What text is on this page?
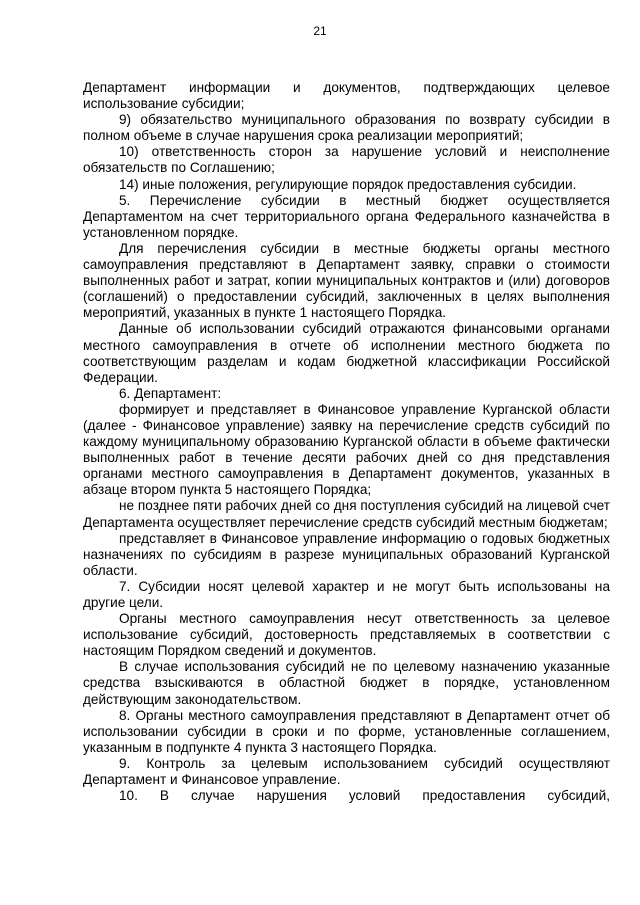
21

Департамент информации и документов, подтверждающих целевое использование субсидии;

9) обязательство муниципального образования по возврату субсидии в полном объеме в случае нарушения срока реализации мероприятий;

10) ответственность сторон за нарушение условий и неисполнение обязательств по Соглашению;

14) иные положения, регулирующие порядок предоставления субсидии.

5. Перечисление субсидии в местный бюджет осуществляется Департаментом на счет территориального органа Федерального казначейства в установленном порядке.

Для перечисления субсидии в местные бюджеты органы местного самоуправления представляют в Департамент заявку, справки о стоимости выполненных работ и затрат, копии муниципальных контрактов и (или) договоров (соглашений) о предоставлении субсидий, заключенных в целях выполнения мероприятий, указанных в пункте 1 настоящего Порядка.

Данные об использовании субсидий отражаются финансовыми органами местного самоуправления в отчете об исполнении местного бюджета по соответствующим разделам и кодам бюджетной классификации Российской Федерации.

6. Департамент:

формирует и представляет в Финансовое управление Курганской области (далее - Финансовое управление) заявку на перечисление средств субсидий по каждому муниципальному образованию Курганской области в объеме фактически выполненных работ в течение десяти рабочих дней со дня представления органами местного самоуправления в Департамент документов, указанных в абзаце втором пункта 5 настоящего Порядка;

не позднее пяти рабочих дней со дня поступления субсидий на лицевой счет Департамента осуществляет перечисление средств субсидий местным бюджетам;

представляет в Финансовое управление информацию о годовых бюджетных назначениях по субсидиям в разрезе муниципальных образований Курганской области.

7. Субсидии носят целевой характер и не могут быть использованы на другие цели.

Органы местного самоуправления несут ответственность за целевое использование субсидий, достоверность представляемых в соответствии с настоящим Порядком сведений и документов.

В случае использования субсидий не по целевому назначению указанные средства взыскиваются в областной бюджет в порядке, установленном действующим законодательством.

8. Органы местного самоуправления представляют в Департамент отчет об использовании субсидии в сроки и по форме, установленные соглашением, указанным в подпункте 4 пункта 3 настоящего Порядка.

9. Контроль за целевым использованием субсидий осуществляют Департамент и Финансовое управление.

10. В случае нарушения условий предоставления субсидий,
